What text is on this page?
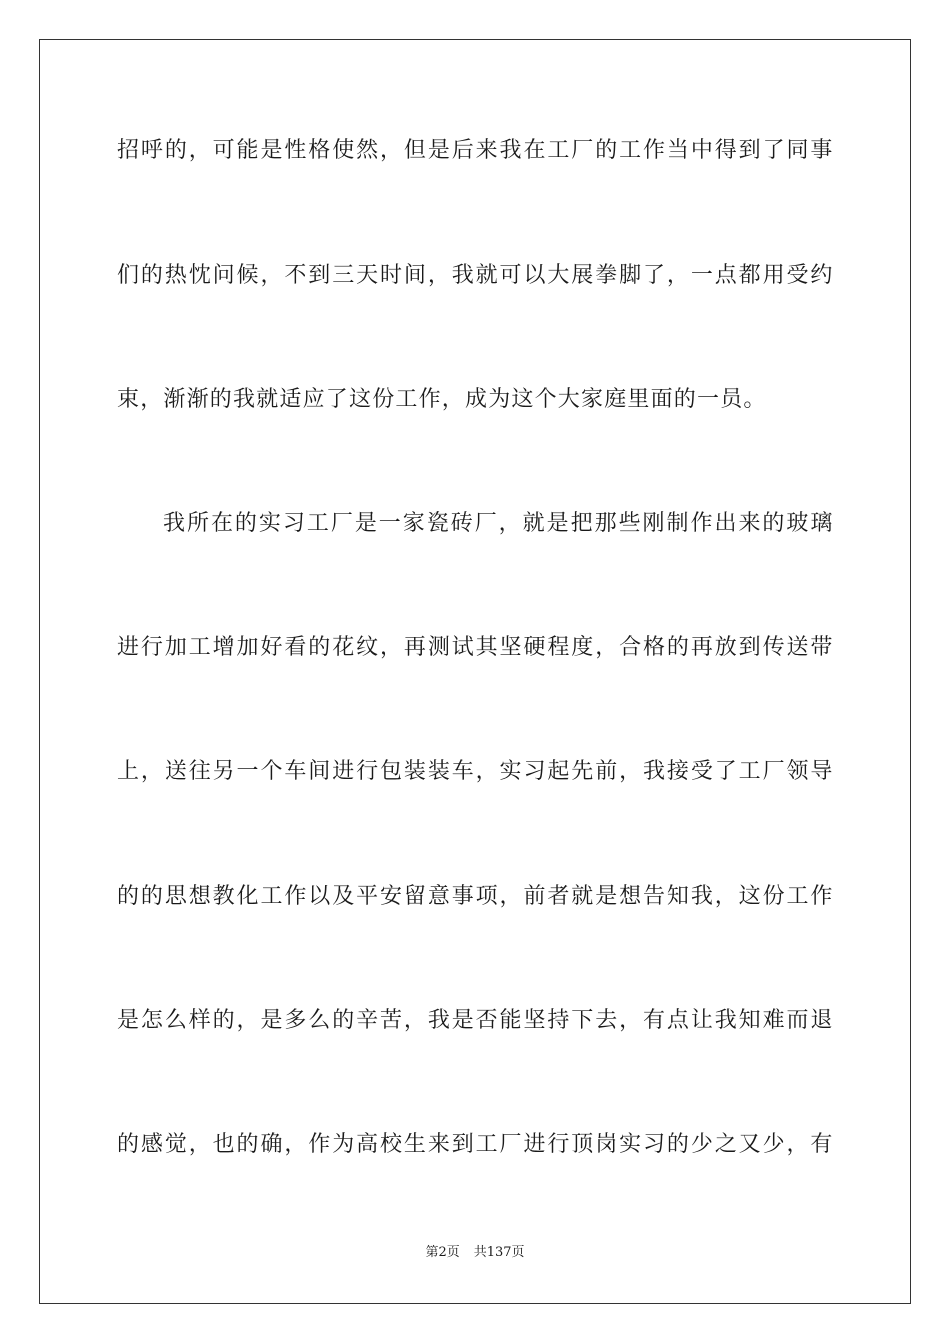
招呼的，可能是性格使然，但是后来我在工厂的工作当中得到了同事
们的热忱问候，不到三天时间，我就可以大展拳脚了，一点都用受约
束，渐渐的我就适应了这份工作，成为这个大家庭里面的一员。
我所在的实习工厂是一家瓷砖厂，就是把那些刚制作出来的玻璃
进行加工增加好看的花纹，再测试其坚硬程度，合格的再放到传送带
上，送往另一个车间进行包装装车，实习起先前，我接受了工厂领导
的的思想教化工作以及平安留意事项，前者就是想告知我，这份工作
是怎么样的，是多么的辛苦，我是否能坚持下去，有点让我知难而退
的感觉，也的确，作为高校生来到工厂进行顶岗实习的少之又少，有
第2页 共137页
